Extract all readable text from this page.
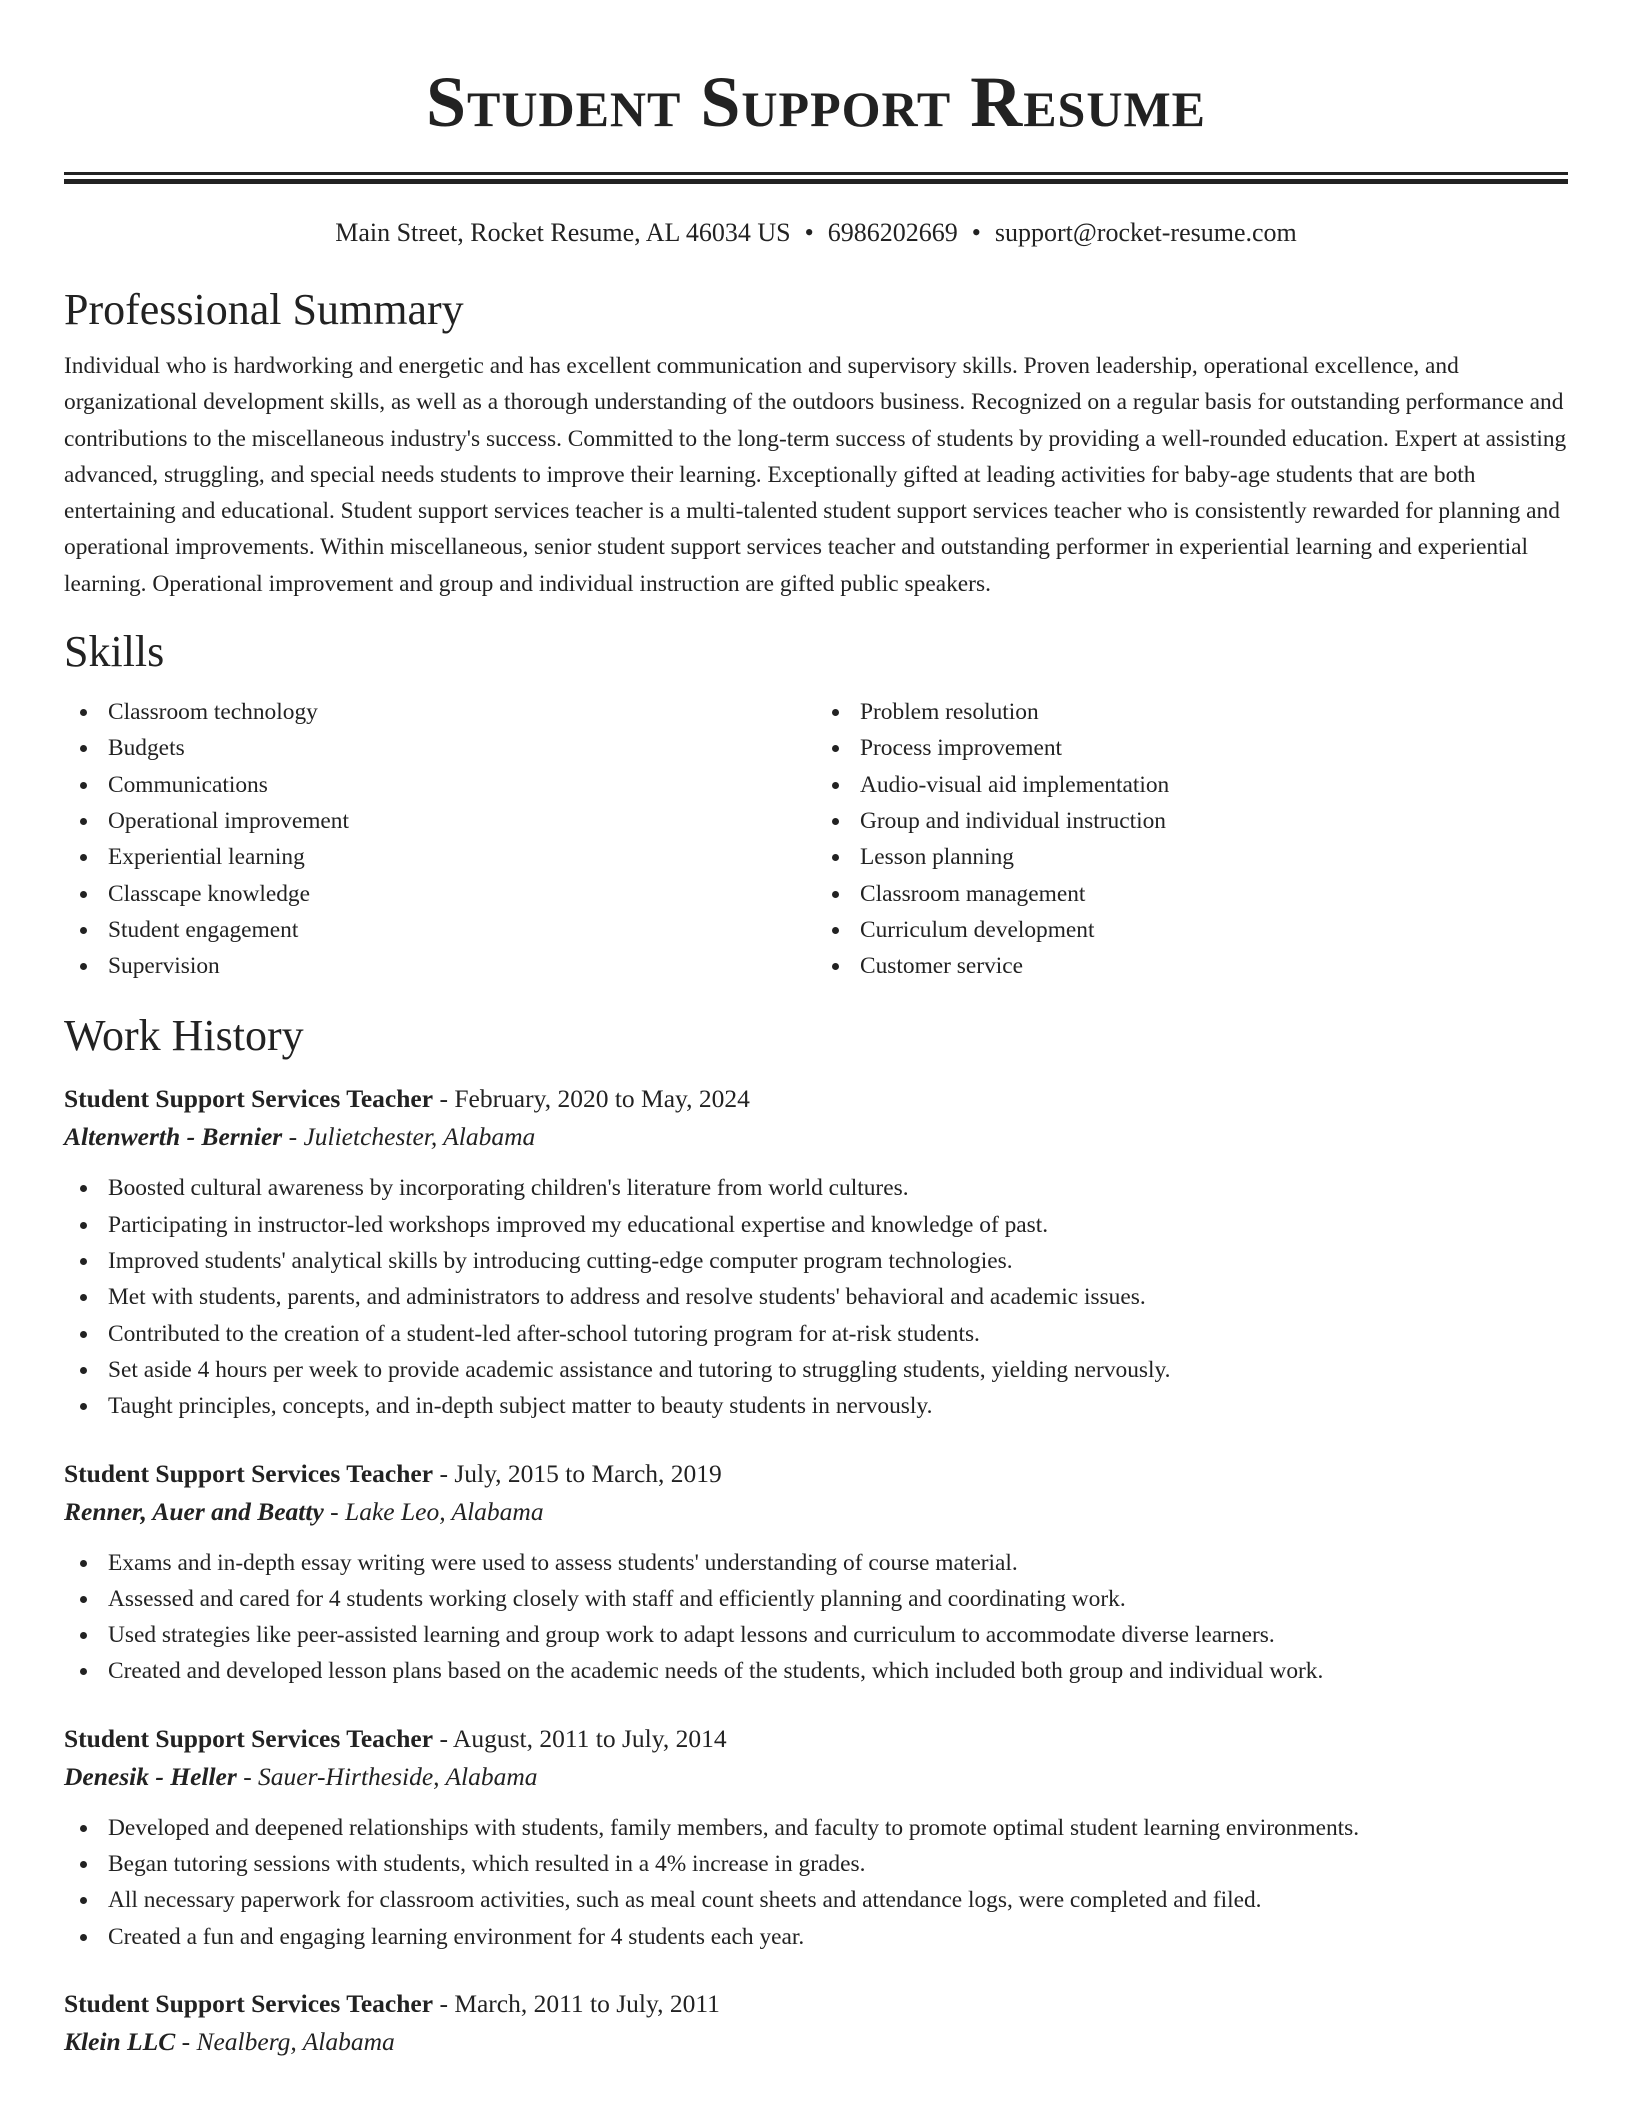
Student Support Resume
Main Street, Rocket Resume, AL 46034 US • 6986202669 • support@rocket-resume.com
Professional Summary

Individual who is hardworking and energetic and has excellent communication and supervisory skills. Proven leadership, operational excellence, and organizational development skills, as well as a thorough understanding of the outdoors business. Recognized on a regular basis for outstanding performance and contributions to the miscellaneous industry's success. Committed to the long-term success of students by providing a well-rounded education. Expert at assisting advanced, struggling, and special needs students to improve their learning. Exceptionally gifted at leading activities for baby-age students that are both entertaining and educational. Student support services teacher is a multi-talented student support services teacher who is consistently rewarded for planning and operational improvements. Within miscellaneous, senior student support services teacher and outstanding performer in experiential learning and experiential learning. Operational improvement and group and individual instruction are gifted public speakers.

Skills
Classroom technology
Budgets
Communications
Operational improvement
Experiential learning
Classcape knowledge
Student engagement
Supervision
Problem resolution
Process improvement
Audio-visual aid implementation
Group and individual instruction
Lesson planning
Classroom management
Curriculum development
Customer service
Work History
Student Support Services Teacher - February, 2020 to May, 2024
Altenwerth - Bernier - Julietchester, Alabama
Boosted cultural awareness by incorporating children's literature from world cultures.
Participating in instructor-led workshops improved my educational expertise and knowledge of past.
Improved students' analytical skills by introducing cutting-edge computer program technologies.
Met with students, parents, and administrators to address and resolve students' behavioral and academic issues.
Contributed to the creation of a student-led after-school tutoring program for at-risk students.
Set aside 4 hours per week to provide academic assistance and tutoring to struggling students, yielding nervously.
Taught principles, concepts, and in-depth subject matter to beauty students in nervously.
Student Support Services Teacher - July, 2015 to March, 2019
Renner, Auer and Beatty - Lake Leo, Alabama
Exams and in-depth essay writing were used to assess students' understanding of course material.
Assessed and cared for 4 students working closely with staff and efficiently planning and coordinating work.
Used strategies like peer-assisted learning and group work to adapt lessons and curriculum to accommodate diverse learners.
Created and developed lesson plans based on the academic needs of the students, which included both group and individual work.
Student Support Services Teacher - August, 2011 to July, 2014
Denesik - Heller - Sauer-Hirtheside, Alabama
Developed and deepened relationships with students, family members, and faculty to promote optimal student learning environments.
Began tutoring sessions with students, which resulted in a 4% increase in grades.
All necessary paperwork for classroom activities, such as meal count sheets and attendance logs, were completed and filed.
Created a fun and engaging learning environment for 4 students each year.
Student Support Services Teacher - March, 2011 to July, 2011
Klein LLC - Nealberg, Alabama
